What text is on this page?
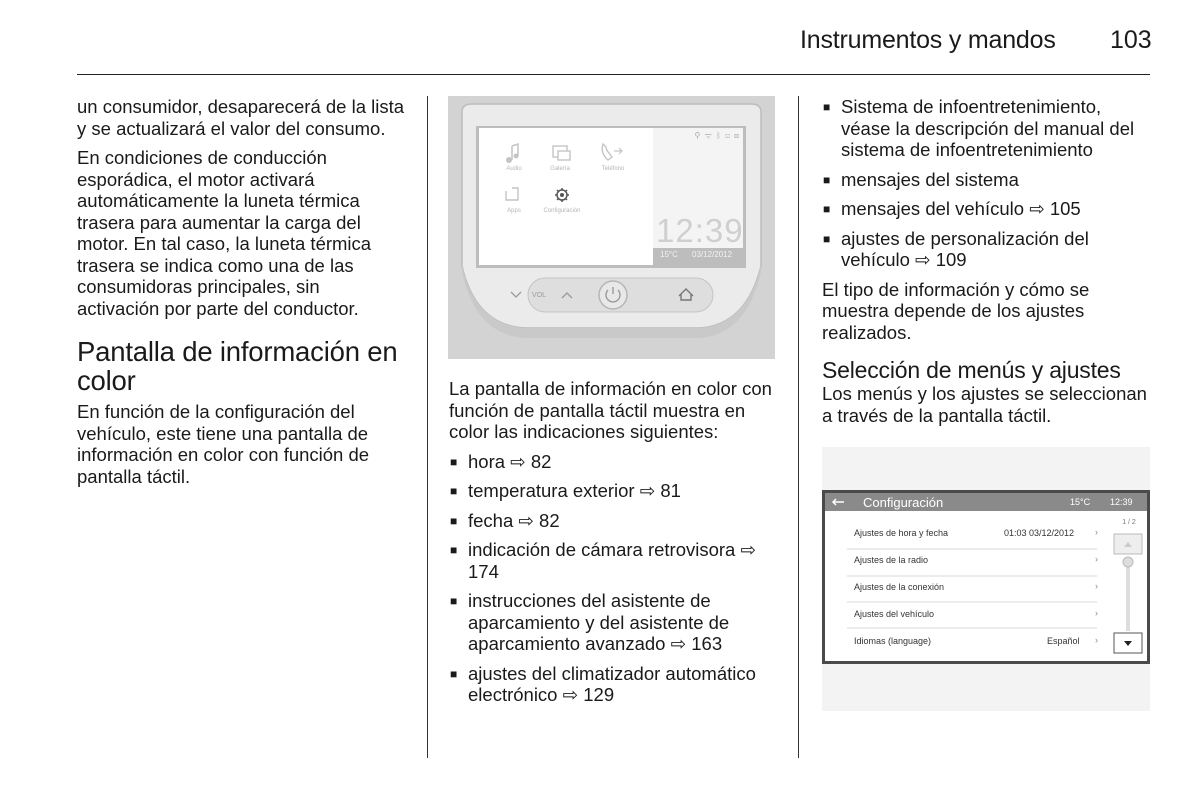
Instrumentos y mandos 103

un consumidor, desaparecerá de la lista y se actualizará el valor del consumo.

En condiciones de conducción esporádica, el motor activará automáticamente la luneta térmica trasera para aumentar la carga del motor. En tal caso, la luneta térmica trasera se indica como una de las consumidoras principales, sin activación por parte del conductor.

Pantalla de información en color

En función de la configuración del vehículo, este tiene una pantalla de información en color con función de pantalla táctil.

⚲ ᯤ ᛒ ⊡ ⊠
Audio	Galería	Teléfono
Apps	Configuración
12:39
15°C 03/12/2012
VOL

La pantalla de información en color con función de pantalla táctil muestra en color las indicaciones siguientes:

■ hora ⇨ 82
■ temperatura exterior ⇨ 81
■ fecha ⇨ 82
■ indicación de cámara retrovisora ⇨ 174
■ instrucciones del asistente de aparcamiento y del asistente de aparcamiento avanzado ⇨ 163
■ ajustes del climatizador automático electrónico ⇨ 129
■ Sistema de infoentretenimiento, véase la descripción del manual del sistema de infoentretenimiento
■ mensajes del sistema
■ mensajes del vehículo ⇨ 105
■ ajustes de personalización del vehículo ⇨ 109

El tipo de información y cómo se muestra depende de los ajustes realizados.

Selección de menús y ajustes

Los menús y los ajustes se seleccionan a través de la pantalla táctil.

Configuración	15°C 12:39
1 / 2
Ajustes de hora y fecha	01:03 03/12/2012 ›
Ajustes de la radio	›
Ajustes de la conexión	›
Ajustes del vehículo	›
Idiomas (language)	Español ›
